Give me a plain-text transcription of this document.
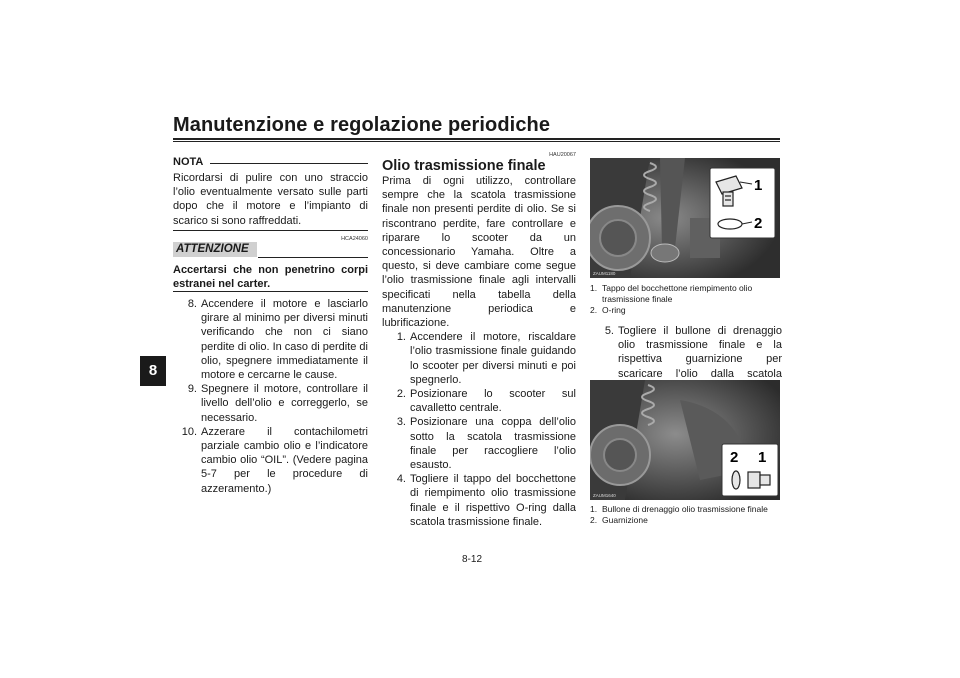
Manutenzione e regolazione periodiche
8
NOTA
Ricordarsi di pulire con uno straccio l’olio eventualmente versato sulle parti dopo che il motore e l’impianto di scarico si sono raffreddati.
HCA24060
ATTENZIONE
Accertarsi che non penetrino corpi estranei nel carter.
8. Accendere il motore e lasciarlo girare al minimo per diversi minuti verificando che non ci siano perdite di olio. In caso di perdite di olio, spegnere immediatamente il motore e cercarne le cause.
9. Spegnere il motore, controllare il livello dell’olio e correggerlo, se necessario.
10. Azzerare il contachilometri parziale cambio olio e l’indicatore cambio olio “OIL”. (Vedere pagina 5-7 per le procedure di azzeramento.)
HAU20067
Olio trasmissione finale

Prima di ogni utilizzo, controllare sempre che la scatola trasmissione finale non presenti perdite di olio. Se si riscontrano perdite, fare controllare e riparare lo scooter da un concessionario Yamaha. Oltre a questo, si deve cambiare come segue l’olio trasmissione finale agli intervalli specificati nella tabella della manutenzione periodica e lubrificazione.

1. Accendere il motore, riscaldare l’olio trasmissione finale guidando lo scooter per diversi minuti e poi spegnerlo.
2. Posizionare lo scooter sul cavalletto centrale.
3. Posizionare una coppa dell’olio sotto la scatola trasmissione finale per raccogliere l’olio esausto.
4. Togliere il tappo del bocchettone di riempimento olio trasmissione finale e il rispettivo O-ring dalla scatola trasmissione finale.
1
2
ZAUM1180
1. Tappo del bocchettone riempimento olio trasmissione finale
2. O-ring
5. Togliere il bullone di drenaggio olio trasmissione finale e la rispettiva guarnizione per scaricare l’olio dalla scatola
2 1
ZAUM1640
1. Bullone di drenaggio olio trasmissione finale
2. Guarnizione
8-12
